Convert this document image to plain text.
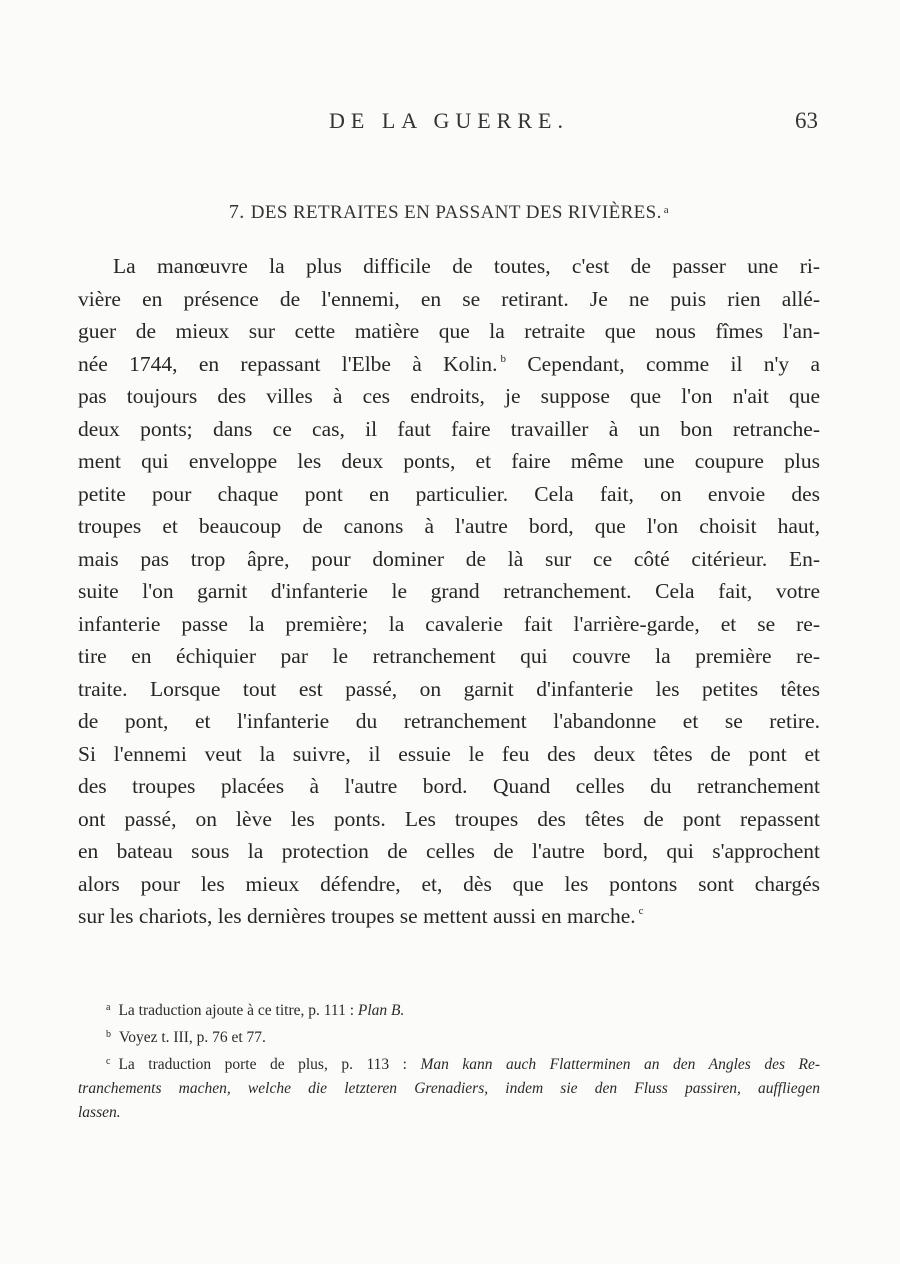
DE LA GUERRE.	63
7. DES RETRAITES EN PASSANT DES RIVIÈRES. $^a$
La manœuvre la plus difficile de toutes, c'est de passer une ri-
vière en présence de l'ennemi, en se retirant. Je ne puis rien allé-
guer de mieux sur cette matière que la retraite que nous fîmes l'an-
née 1744, en repassant l'Elbe à Kolin. $^b$ Cependant, comme il n'y a
pas toujours des villes à ces endroits, je suppose que l'on n'ait que
deux ponts; dans ce cas, il faut faire travailler à un bon retranche-
ment qui enveloppe les deux ponts, et faire même une coupure plus
petite pour chaque pont en particulier. Cela fait, on envoie des
troupes et beaucoup de canons à l'autre bord, que l'on choisit haut,
mais pas trop âpre, pour dominer de là sur ce côté citérieur. En-
suite l'on garnit d'infanterie le grand retranchement. Cela fait, votre
infanterie passe la première; la cavalerie fait l'arrière-garde, et se re-
tire en échiquier par le retranchement qui couvre la première re-
traite. Lorsque tout est passé, on garnit d'infanterie les petites têtes
de pont, et l'infanterie du retranchement l'abandonne et se retire.
Si l'ennemi veut la suivre, il essuie le feu des deux têtes de pont et
des troupes placées à l'autre bord. Quand celles du retranchement
ont passé, on lève les ponts. Les troupes des têtes de pont repassent
en bateau sous la protection de celles de l'autre bord, qui s'approchent
alors pour les mieux défendre, et, dès que les pontons sont chargés
sur les chariots, les dernières troupes se mettent aussi en marche. $^c$
$^a$ La traduction ajoute à ce titre, p. 111 : Plan B.
$^b$ Voyez t. III, p. 76 et 77.
$^c$ La traduction porte de plus, p. 113 : Man kann auch Flatterminen an den Angles des Re-
tranchements machen, welche die letzteren Grenadiers, indem sie den Fluss passiren, auffliegen
lassen.
